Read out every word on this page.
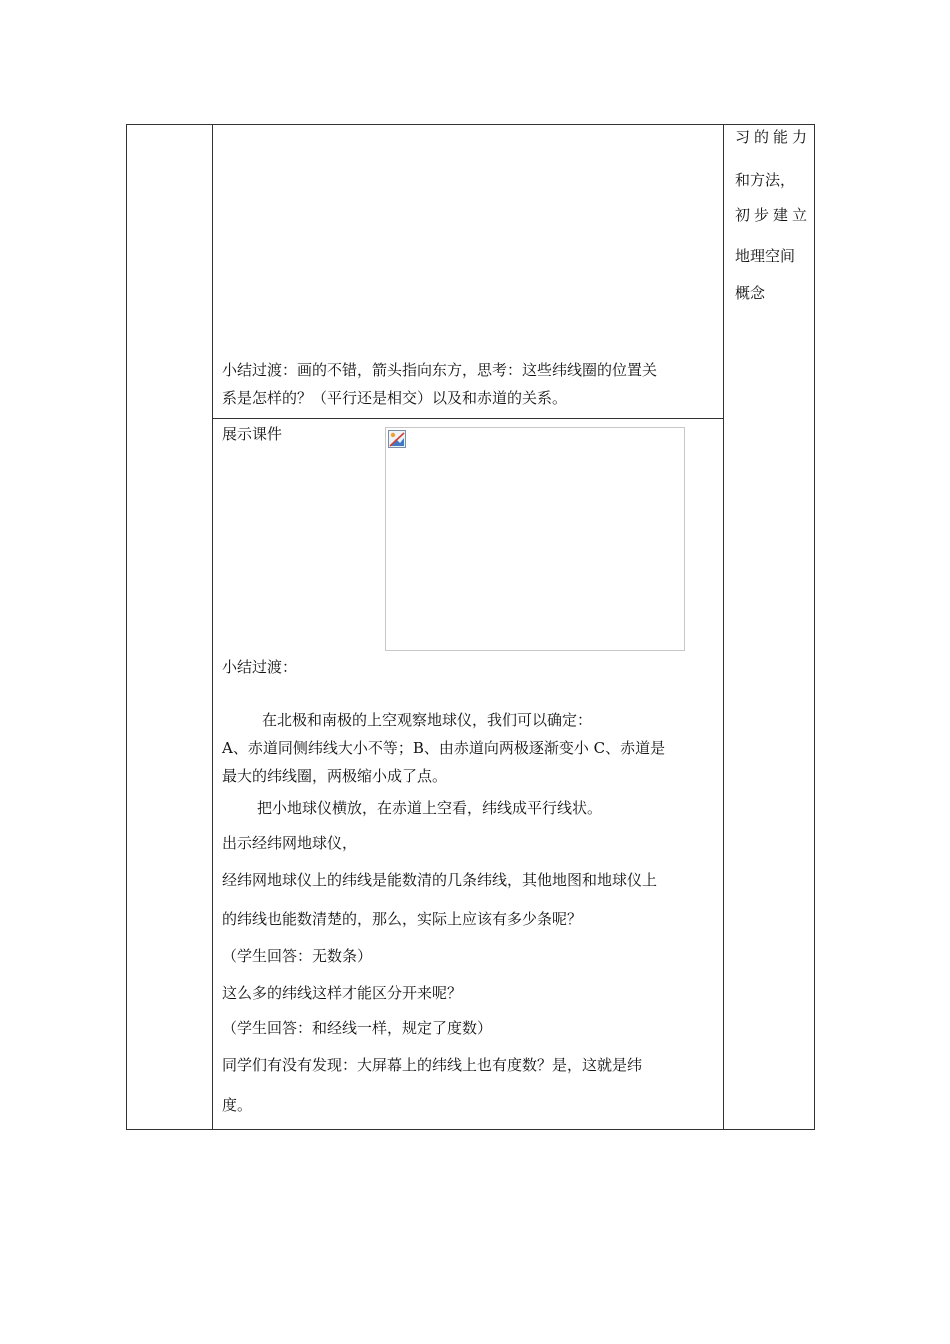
小结过渡：画的不错，箭头指向东方，思考：这些纬线圈的位置关
系是怎样的？（平行还是相交）以及和赤道的关系。
展示课件
小结过渡：
在北极和南极的上空观察地球仪，我们可以确定：
A、赤道同侧纬线大小不等；B、由赤道向两极逐渐变小 C、赤道是
最大的纬线圈，两极缩小成了点。
把小地球仪横放，在赤道上空看，纬线成平行线状。
出示经纬网地球仪，
经纬网地球仪上的纬线是能数清的几条纬线，其他地图和地球仪上
的纬线也能数清楚的，那么，实际上应该有多少条呢？
（学生回答：无数条）
这么多的纬线这样才能区分开来呢？
（学生回答：和经线一样，规定了度数）
同学们有没有发现：大屏幕上的纬线上也有度数？是，这就是纬
度。
习的能力
和方法，
初步建立
地理空间
概念
